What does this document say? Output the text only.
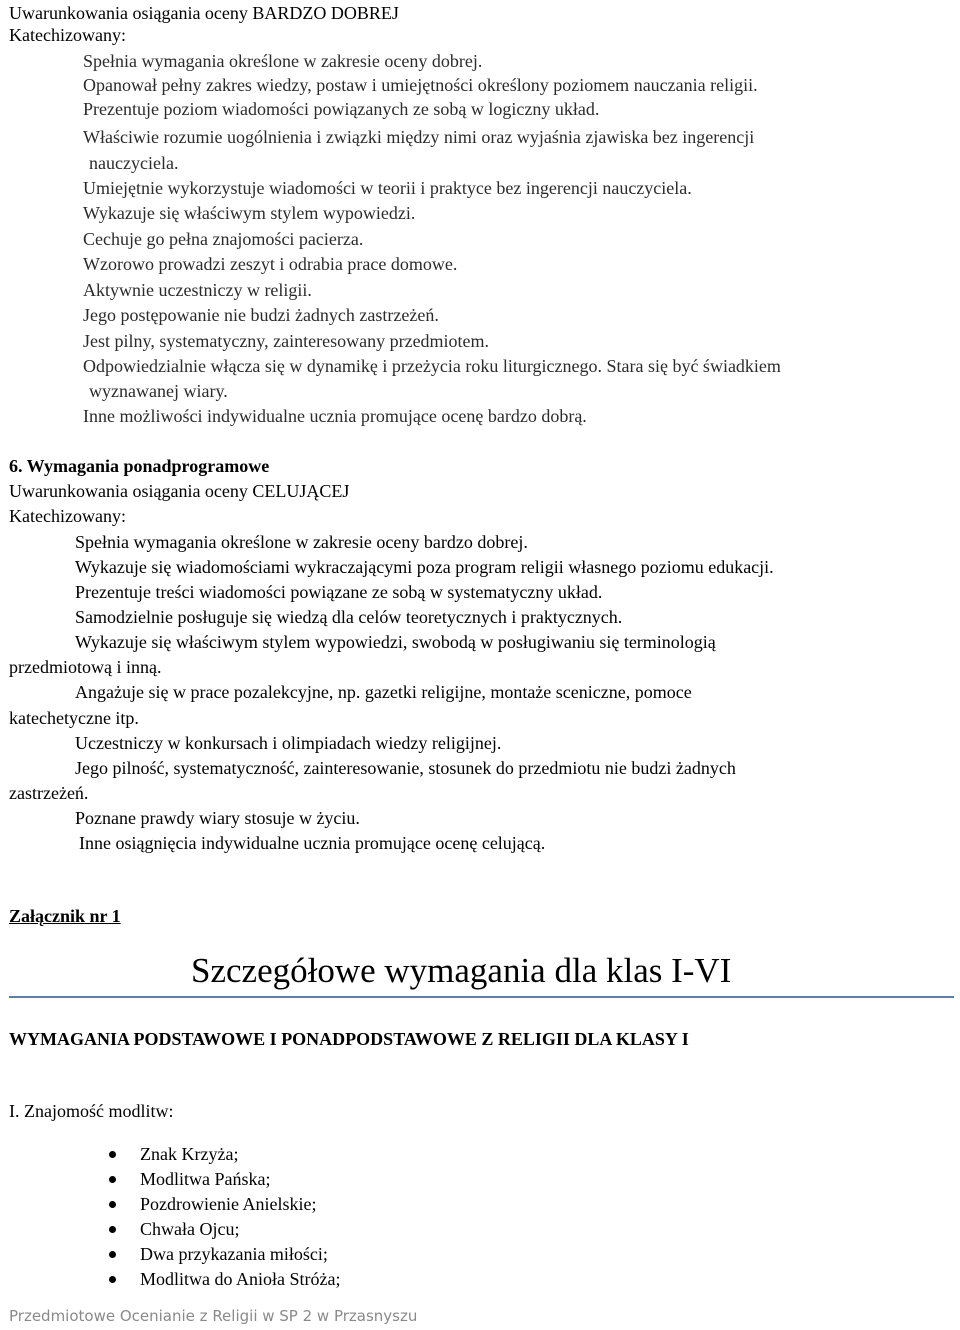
Uwarunkowania osiągania oceny BARDZO DOBREJ
Katechizowany:
Spełnia wymagania określone w zakresie oceny dobrej.
Opanował pełny zakres wiedzy, postaw i umiejętności określony poziomem nauczania religii.
Prezentuje poziom wiadomości powiązanych ze sobą w logiczny układ.
Właściwie rozumie uogólnienia i związki między nimi oraz wyjaśnia zjawiska bez ingerencji
nauczyciela.
Umiejętnie wykorzystuje wiadomości w teorii i praktyce bez ingerencji nauczyciela.
Wykazuje się właściwym stylem wypowiedzi.
Cechuje go pełna znajomości pacierza.
Wzorowo prowadzi zeszyt i odrabia prace domowe.
Aktywnie uczestniczy w religii.
Jego postępowanie nie budzi żadnych zastrzeżeń.
Jest pilny, systematyczny, zainteresowany przedmiotem.
Odpowiedzialnie włącza się w dynamikę i przeżycia roku liturgicznego. Stara się być świadkiem
wyznawanej wiary.
Inne możliwości indywidualne ucznia promujące ocenę bardzo dobrą.
6. Wymagania ponadprogramowe
Uwarunkowania osiągania oceny CELUJĄCEJ
Katechizowany:
Spełnia wymagania określone w zakresie oceny bardzo dobrej.
Wykazuje się wiadomościami wykraczającymi poza program religii własnego poziomu edukacji.
Prezentuje treści wiadomości powiązane ze sobą w systematyczny układ.
Samodzielnie posługuje się wiedzą dla celów teoretycznych i praktycznych.
Wykazuje się właściwym stylem wypowiedzi, swobodą w posługiwaniu się terminologią
przedmiotową i inną.
Angażuje się w prace pozalekcyjne, np. gazetki religijne, montaże sceniczne, pomoce
katechetyczne itp.
Uczestniczy w konkursach i olimpiadach wiedzy religijnej.
Jego pilność, systematyczność, zainteresowanie, stosunek do przedmiotu nie budzi żadnych
zastrzeżeń.
Poznane prawdy wiary stosuje w życiu.
Inne osiągnięcia indywidualne ucznia promujące ocenę celującą.
Załącznik nr 1
Szczegółowe wymagania dla klas I-VI
WYMAGANIA PODSTAWOWE I PONADPODSTAWOWE Z RELIGII DLA KLASY I
I. Znajomość modlitw:
Znak Krzyża;
Modlitwa Pańska;
Pozdrowienie Anielskie;
Chwała Ojcu;
Dwa przykazania miłości;
Modlitwa do Anioła Stróża;
Przedmiotowe Ocenianie z Religii w SP 2 w Przasnyszu
